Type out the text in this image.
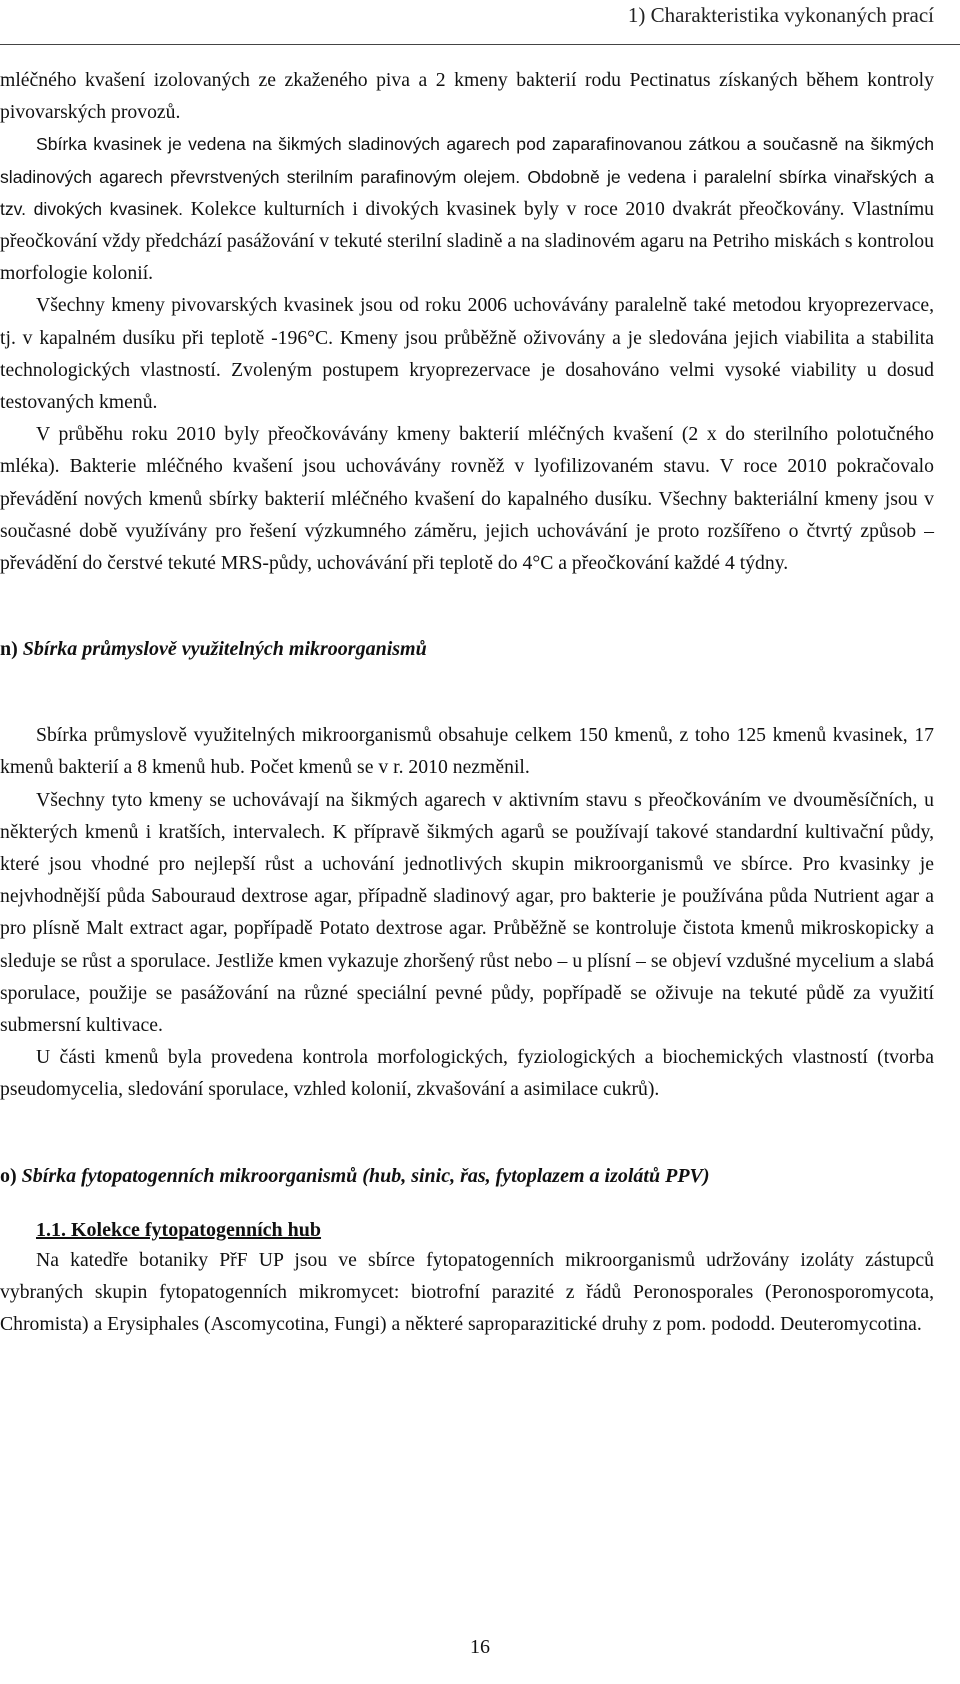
1) Charakteristika vykonaných prací

mléčného kvašení izolovaných ze zkaženého piva a 2 kmeny bakterií rodu Pectinatus získaných během kontroly pivovarských provozů.

Sbírka kvasinek je vedena na šikmých sladinových agarech pod zaparafinovanou zátkou a současně na šikmých sladinových agarech převrstvených sterilním parafinovým olejem. Obdobně je vedena i paralelní sbírka vinařských a tzv. divokých kvasinek. Kolekce kulturních i divokých kvasinek byly v roce 2010 dvakrát přeočkovány. Vlastnímu přeočkování vždy předchází pasážování v tekuté sterilní sladině a na sladinovém agaru na Petriho miskách s kontrolou morfologie kolonií.

Všechny kmeny pivovarských kvasinek jsou od roku 2006 uchovávány paralelně také metodou kryoprezervace, tj. v kapalném dusíku při teplotě -196°C. Kmeny jsou průběžně oživovány a je sledována jejich viabilita a stabilita technologických vlastností. Zvoleným postupem kryoprezervace je dosahováno velmi vysoké viability u dosud testovaných kmenů.

V průběhu roku 2010 byly přeočkovávány kmeny bakterií mléčných kvašení (2 x do sterilního polotučného mléka). Bakterie mléčného kvašení jsou uchovávány rovněž v lyofilizovaném stavu. V roce 2010 pokračovalo převádění nových kmenů sbírky bakterií mléčného kvašení do kapalného dusíku. Všechny bakteriální kmeny jsou v současné době využívány pro řešení výzkumného záměru, jejich uchovávání je proto rozšířeno o čtvrtý způsob – převádění do čerstvé tekuté MRS-půdy, uchovávání při teplotě do 4°C a přeočkování každé 4 týdny.

n) Sbírka průmyslově využitelných mikroorganismů

Sbírka průmyslově využitelných mikroorganismů obsahuje celkem 150 kmenů, z toho 125 kmenů kvasinek, 17 kmenů bakterií a 8 kmenů hub. Počet kmenů se v r. 2010 nezměnil.

Všechny tyto kmeny se uchovávají na šikmých agarech v aktivním stavu s přeočkováním ve dvouměsíčních, u některých kmenů i kratších, intervalech. K přípravě šikmých agarů se používají takové standardní kultivační půdy, které jsou vhodné pro nejlepší růst a uchování jednotlivých skupin mikroorganismů ve sbírce. Pro kvasinky je nejvhodnější půda Sabouraud dextrose agar, případně sladinový agar, pro bakterie je používána půda Nutrient agar a pro plísně Malt extract agar, popřípadě Potato dextrose agar. Průběžně se kontroluje čistota kmenů mikroskopicky a sleduje se růst a sporulace. Jestliže kmen vykazuje zhoršený růst nebo – u plísní – se objeví vzdušné mycelium a slabá sporulace, použije se pasážování na různé speciální pevné půdy, popřípadě se oživuje na tekuté půdě za využití submersní kultivace.

U části kmenů byla provedena kontrola morfologických, fyziologických a biochemických vlastností (tvorba pseudomycelia, sledování sporulace, vzhled kolonií, zkvašování a asimilace cukrů).

o) Sbírka fytopatogenních mikroorganismů (hub, sinic, řas, fytoplazem a izolátů PPV)
1.1. Kolekce fytopatogenních hub

Na katedře botaniky PřF UP jsou ve sbírce fytopatogenních mikroorganismů udržovány izoláty zástupců vybraných skupin fytopatogenních mikromycet: biotrofní parazité z řádů Peronosporales (Peronosporomycota, Chromista) a Erysiphales (Ascomycotina, Fungi) a některé saproparazitické druhy z pom. pododd. Deuteromycotina.

16
